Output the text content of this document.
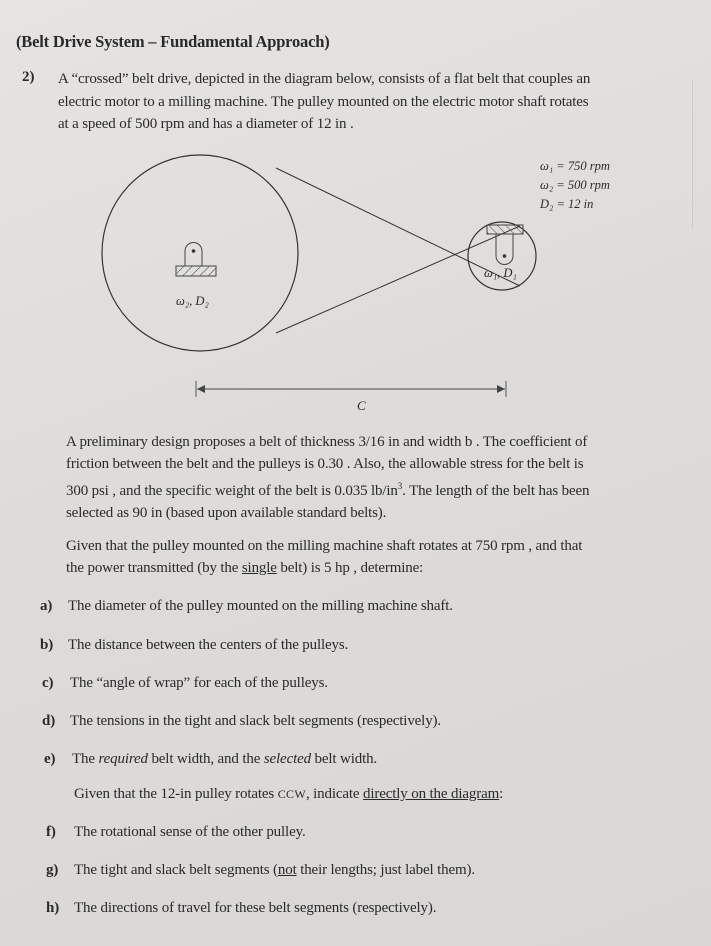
(Belt Drive System – Fundamental Approach)
2) A “crossed” belt drive, depicted in the diagram below, consists of a flat belt that couples an
electric motor to a milling machine. The pulley mounted on the electric motor shaft rotates
at a speed of 500 rpm and has a diameter of 12 in .
ω₁ = 750 rpm
ω₂ = 500 rpm
D₂ = 12 in
ω₂, D₂
ω₁, D₁
C
A preliminary design proposes a belt of thickness 3/16 in and width b . The coefficient of
friction between the belt and the pulleys is 0.30 . Also, the allowable stress for the belt is
300 psi , and the specific weight of the belt is 0.035 $lb/in^3$. The length of the belt has been
selected as 90 in (based upon available standard belts).
Given that the pulley mounted on the milling machine shaft rotates at 750 rpm , and that
the power transmitted (by the single belt) is 5 hp , determine:
a) The diameter of the pulley mounted on the milling machine shaft.
b) The distance between the centers of the pulleys.
c) The “angle of wrap” for each of the pulleys.
d) The tensions in the tight and slack belt segments (respectively).
e) The required belt width, and the selected belt width.
Given that the 12-in pulley rotates CCW, indicate directly on the diagram:
f) The rotational sense of the other pulley.
g) The tight and slack belt segments (not their lengths; just label them).
h) The directions of travel for these belt segments (respectively).
